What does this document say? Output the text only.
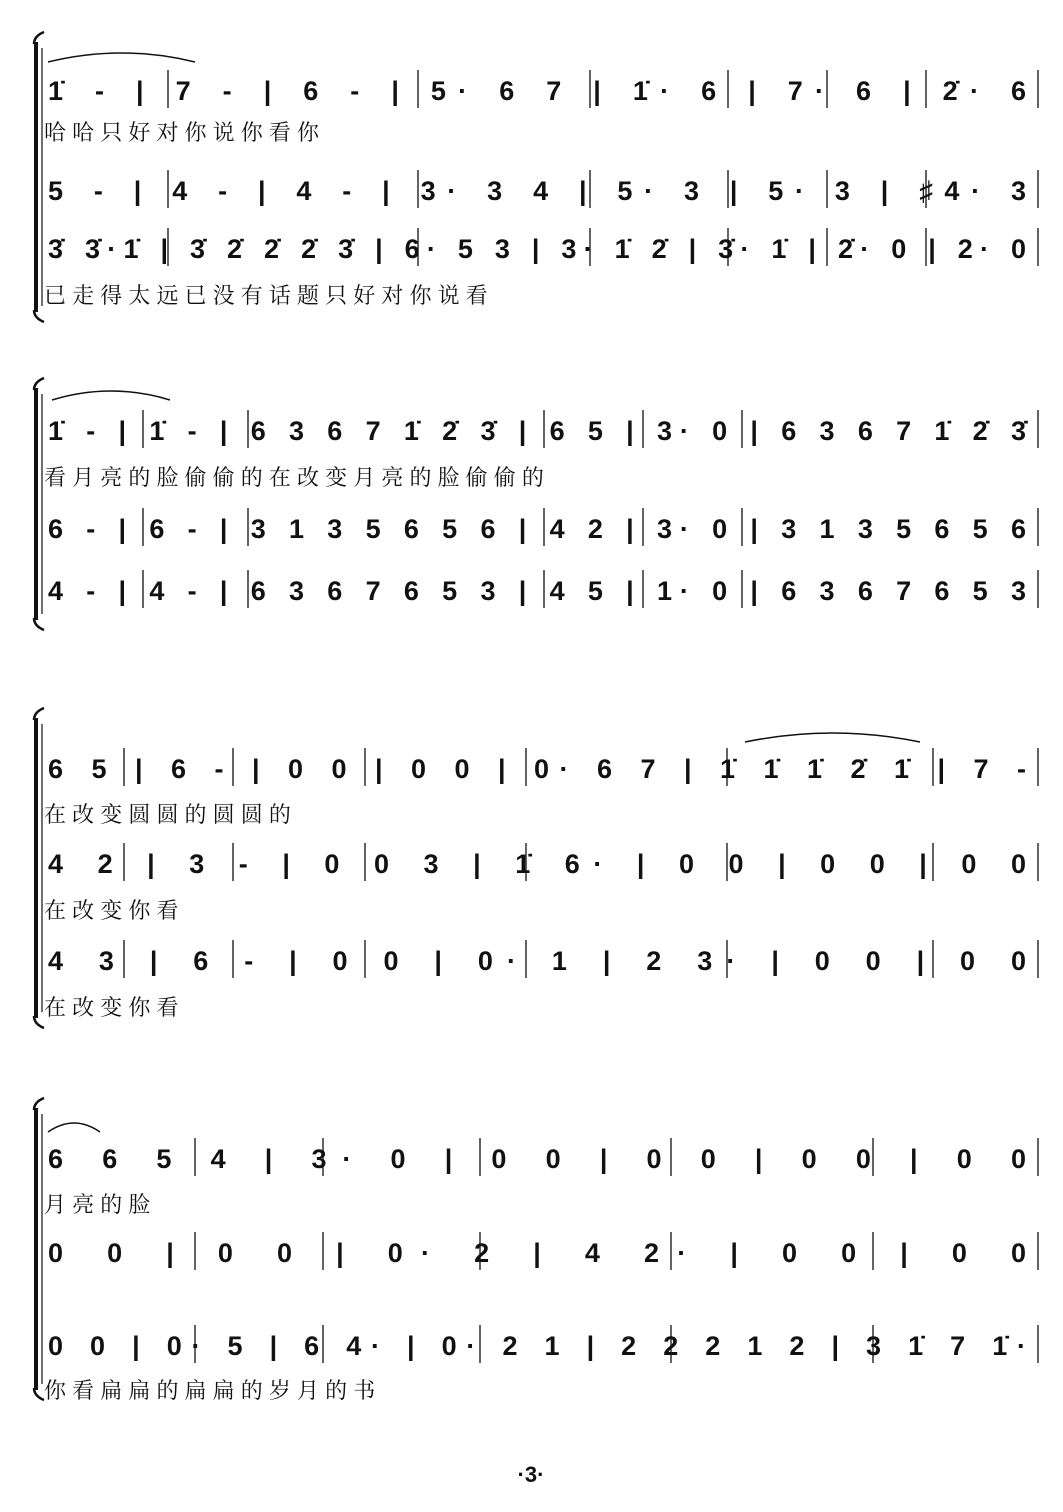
1̇ - | 7 - | 6 - | 5· 6 7 | 1̇· 6 | 7· 6 | 2̇· 6
哈 哈 只 好 对 你 说 你 看 你
5 - | 4 - | 4 - | 3· 3 4 | 5· 3 | 5· 3 | ♯4· 3
3̇ 3̇·1̇ | 3̇ 2̇ 2̇ 2̇ 3̇ | 6· 5 3 | 3· 1̇ 2̇ | 3̇· 1̇ | 2̇· 0 | 2· 0
已 走 得 太 远 已 没 有 话 题 只 好 对 你 说 看
1̇ - | 1̇ - | 6 3 6 7 1̇ 2̇ 3̇ | 6 5 | 3· 0 | 6 3 6 7 1̇ 2̇ 3̇
看 月 亮 的 脸 偷 偷 的 在 改 变 月 亮 的 脸 偷 偷 的
6 - | 6 - | 3 1 3 5 6 5 6 | 4 2 | 3· 0 | 3 1 3 5 6 5 6
4 - | 4 - | 6 3 6 7 6 5 3 | 4 5 | 1· 0 | 6 3 6 7 6 5 3
6 5 | 6 - | 0 0 | 0 0 | 0· 6 7 | 1̇ 1̇ 1̇ 2̇ 1̇ | 7 -
在 改 变 圆 圆 的 圆 圆 的
4 2 | 3 - | 0 0 3 | 1̇ 6· | 0 0 | 0 0 | 0 0
在 改 变 你 看
4 3 | 6 - | 0 0 | 0· 1 | 2 3· | 0 0 | 0 0
在 改 变 你 看
6 6 5 4 | 3· 0 | 0 0 | 0 0 | 0 0 | 0 0
月 亮 的 脸
0 0 | 0 0 | 0· 2 | 4 2· | 0 0 | 0 0
0 0 | 0· 5 | 6 4· | 0· 2 1 | 2 2 2 1 2 | 3 1̇ 7 1̇·
你 看 扁 扁 的 扁 扁 的 岁 月 的 书
·3·
